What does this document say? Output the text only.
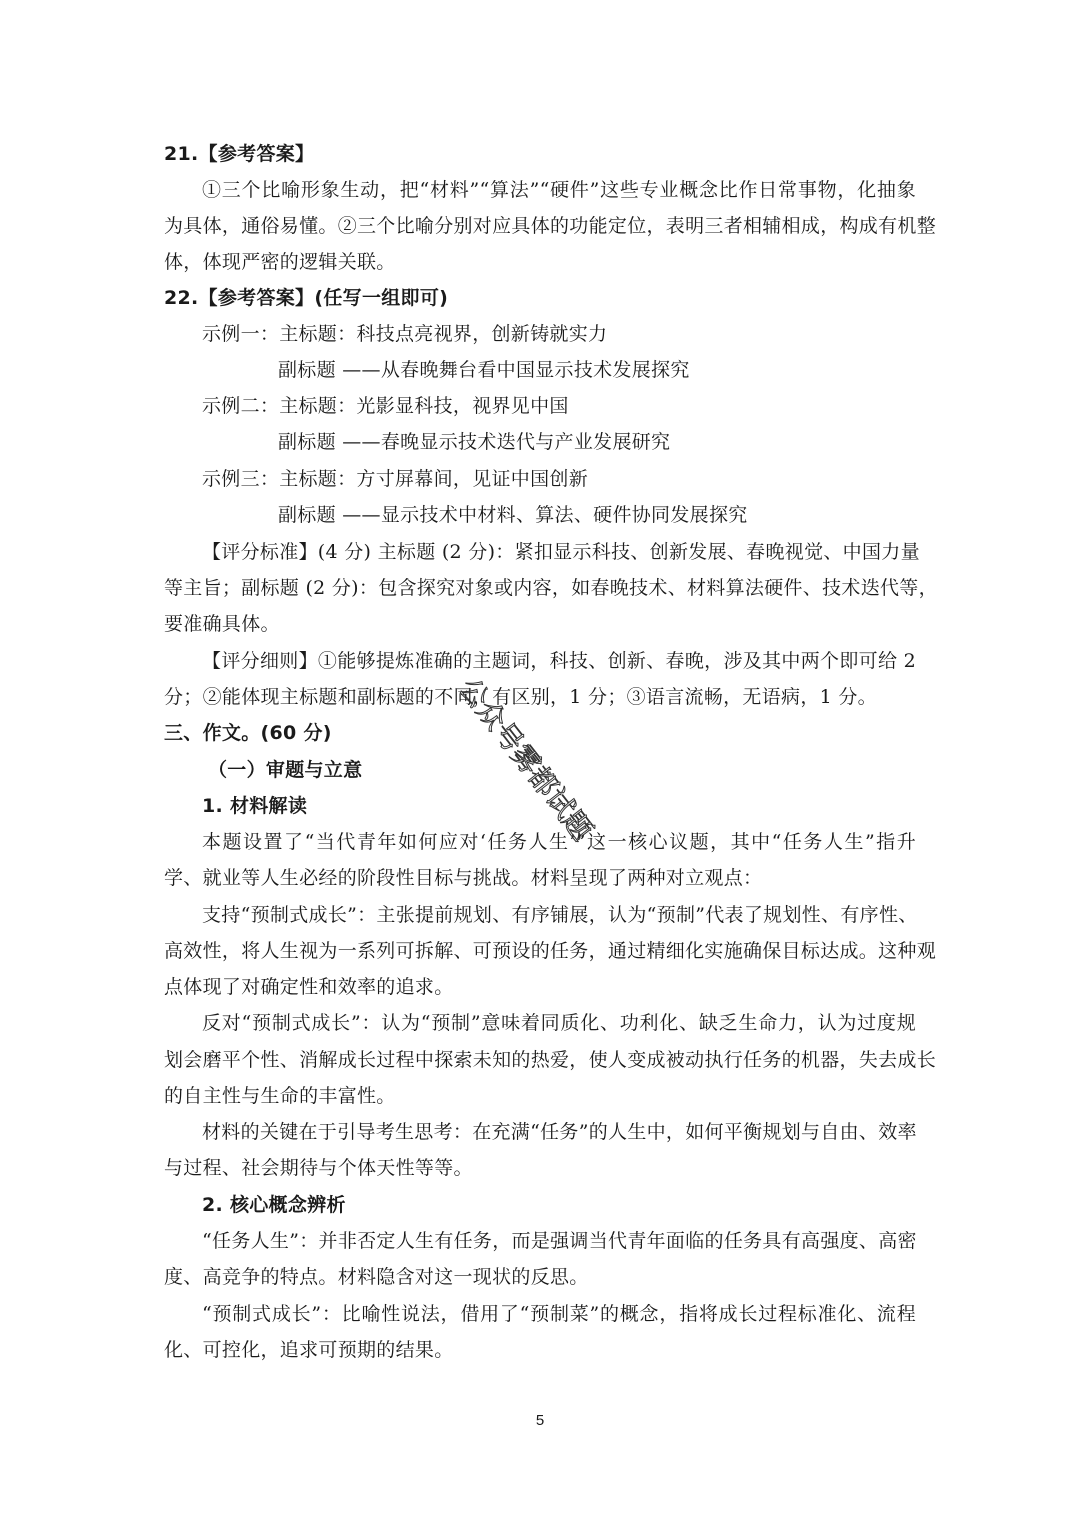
21.【参考答案】
①三个比喻形象生动，把“材料”“算法”“硬件”这些专业概念比作日常事物，化抽象
为具体，通俗易懂。②三个比喻分别对应具体的功能定位，表明三者相辅相成，构成有机整
体，体现严密的逻辑关联。
22.【参考答案】(任写一组即可)
示例一：主标题：科技点亮视界，创新铸就实力
副标题 ——从春晚舞台看中国显示技术发展探究
示例二：主标题：光影显科技，视界见中国
副标题 ——春晚显示技术迭代与产业发展研究
示例三：主标题：方寸屏幕间，见证中国创新
副标题 ——显示技术中材料、算法、硬件协同发展探究
【评分标准】(4 分) 主标题 (2 分)：紧扣显示科技、创新发展、春晚视觉、中国力量
等主旨；副标题 (2 分)：包含探究对象或内容，如春晚技术、材料算法硬件、技术迭代等，
要准确具体。
【评分细则】①能够提炼准确的主题词，科技、创新、春晚，涉及其中两个即可给 2
分；②能体现主标题和副标题的不同，有区别，1 分；③语言流畅，无语病，1 分。
三、作文。(60 分)
（一）审题与立意
1. 材料解读
本题设置了“当代青年如何应对‘任务人生’”这一核心议题，其中“任务人生”指升
学、就业等人生必经的阶段性目标与挑战。材料呈现了两种对立观点：
支持“预制式成长”：主张提前规划、有序铺展，认为“预制”代表了规划性、有序性、
高效性，将人生视为一系列可拆解、可预设的任务，通过精细化实施确保目标达成。这种观
点体现了对确定性和效率的追求。
反对“预制式成长”：认为“预制”意味着同质化、功利化、缺乏生命力，认为过度规
划会磨平个性、消解成长过程中探索未知的热爱，使人变成被动执行任务的机器，失去成长
的自主性与生命的丰富性。
材料的关键在于引导考生思考：在充满“任务”的人生中，如何平衡规划与自由、效率
与过程、社会期待与个体天性等等。
2. 核心概念辨析
“任务人生”：并非否定人生有任务，而是强调当代青年面临的任务具有高强度、高密
度、高竞争的特点。材料隐含对这一现状的反思。
“预制式成长”：比喻性说法，借用了“预制菜”的概念，指将成长过程标准化、流程
化、可控化，追求可预期的结果。
公众号雾都试题
5
